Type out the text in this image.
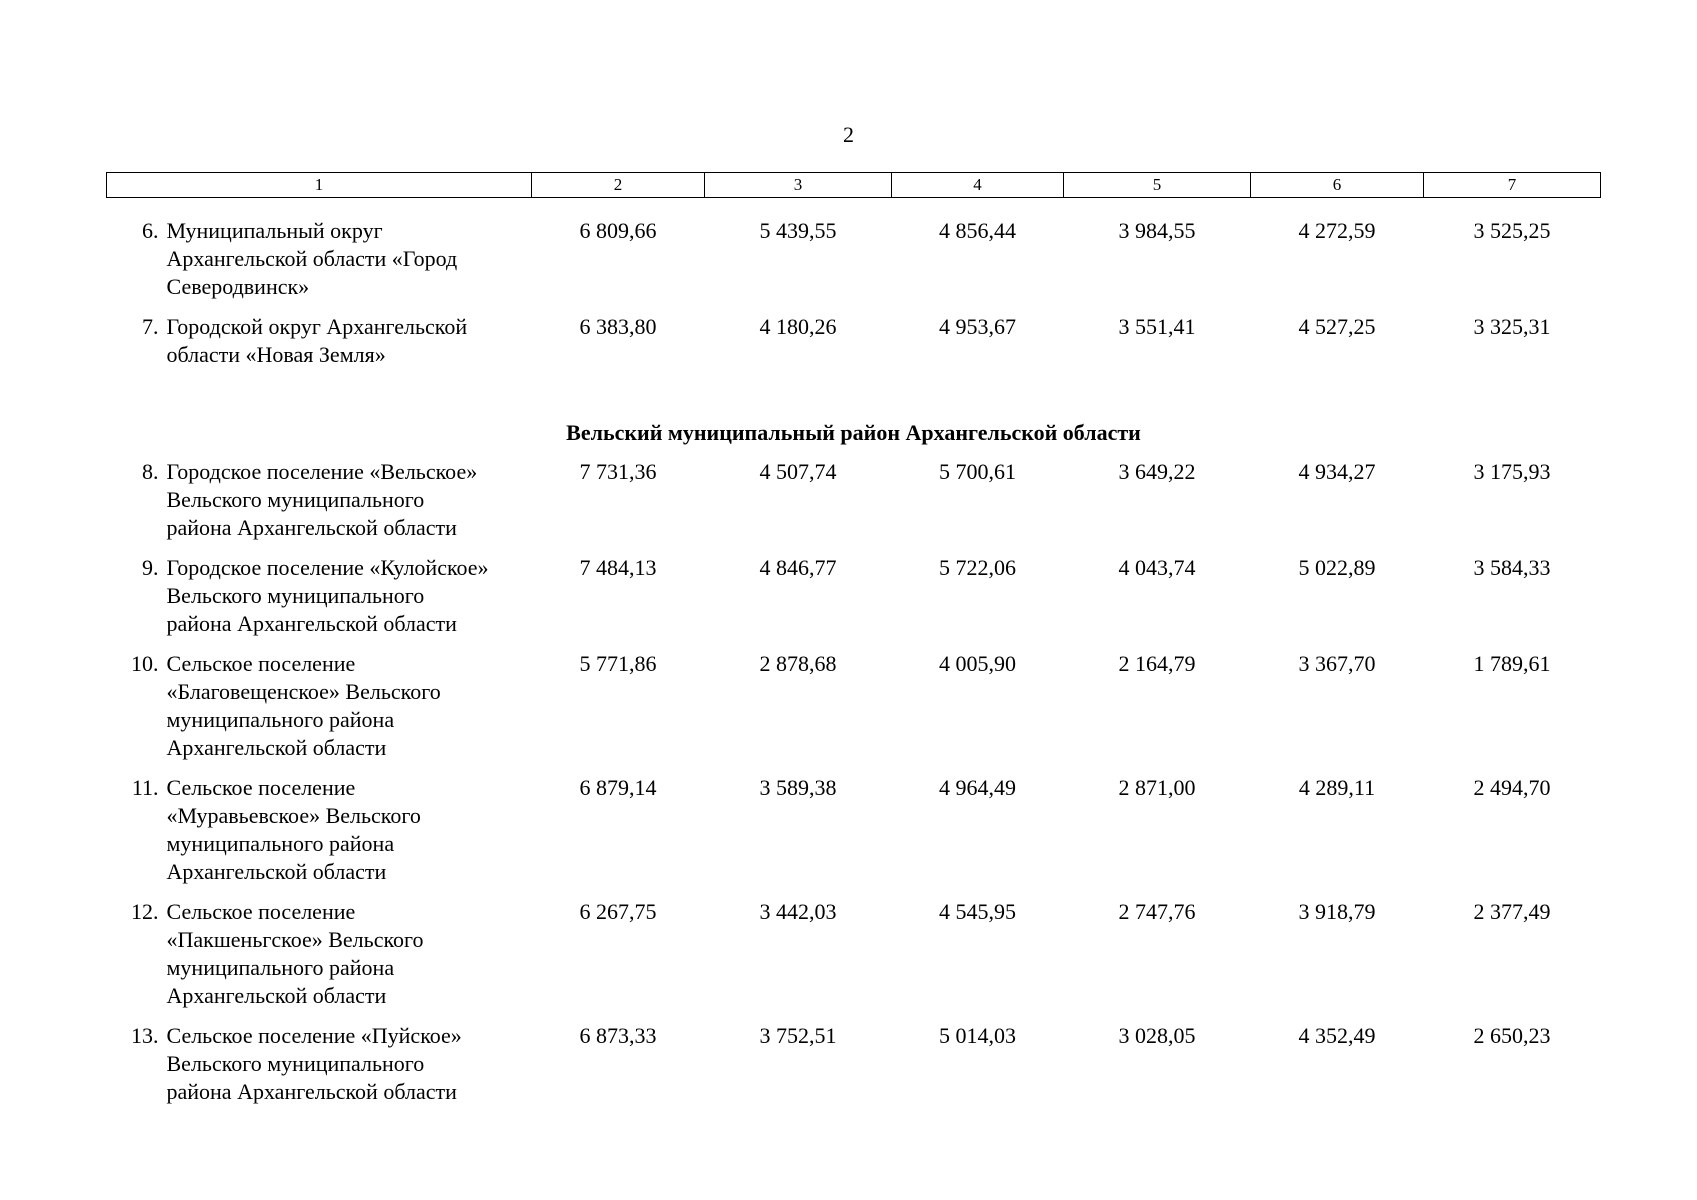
2
1	2	3	4	5	6	7

6. Муниципальный округ
Архангельской области «Город
Северодвинск»	6 809,66	5 439,55	4 856,44	3 984,55	4 272,59	3 525,25
7. Городской округ Архангельской
области «Новая Земля»	6 383,80	4 180,26	4 953,67	3 551,41	4 527,25	3 325,31
Вельский муниципальный район Архангельской области						
8. Городское поселение «Вельское»
Вельского муниципального
района Архангельской области	7 731,36	4 507,74	5 700,61	3 649,22	4 934,27	3 175,93
9. Городское поселение «Кулойское»
Вельского муниципального
района Архангельской области	7 484,13	4 846,77	5 722,06	4 043,74	5 022,89	3 584,33
10. Сельское поселение
«Благовещенское» Вельского
муниципального района
Архангельской области	5 771,86	2 878,68	4 005,90	2 164,79	3 367,70	1 789,61
11. Сельское поселение
«Муравьевское» Вельского
муниципального района
Архангельской области	6 879,14	3 589,38	4 964,49	2 871,00	4 289,11	2 494,70
12. Сельское поселение
«Пакшеньгское» Вельского
муниципального района
Архангельской области	6 267,75	3 442,03	4 545,95	2 747,76	3 918,79	2 377,49
13. Сельское поселение «Пуйское»
Вельского муниципального
района Архангельской области	6 873,33	3 752,51	5 014,03	3 028,05	4 352,49	2 650,23
